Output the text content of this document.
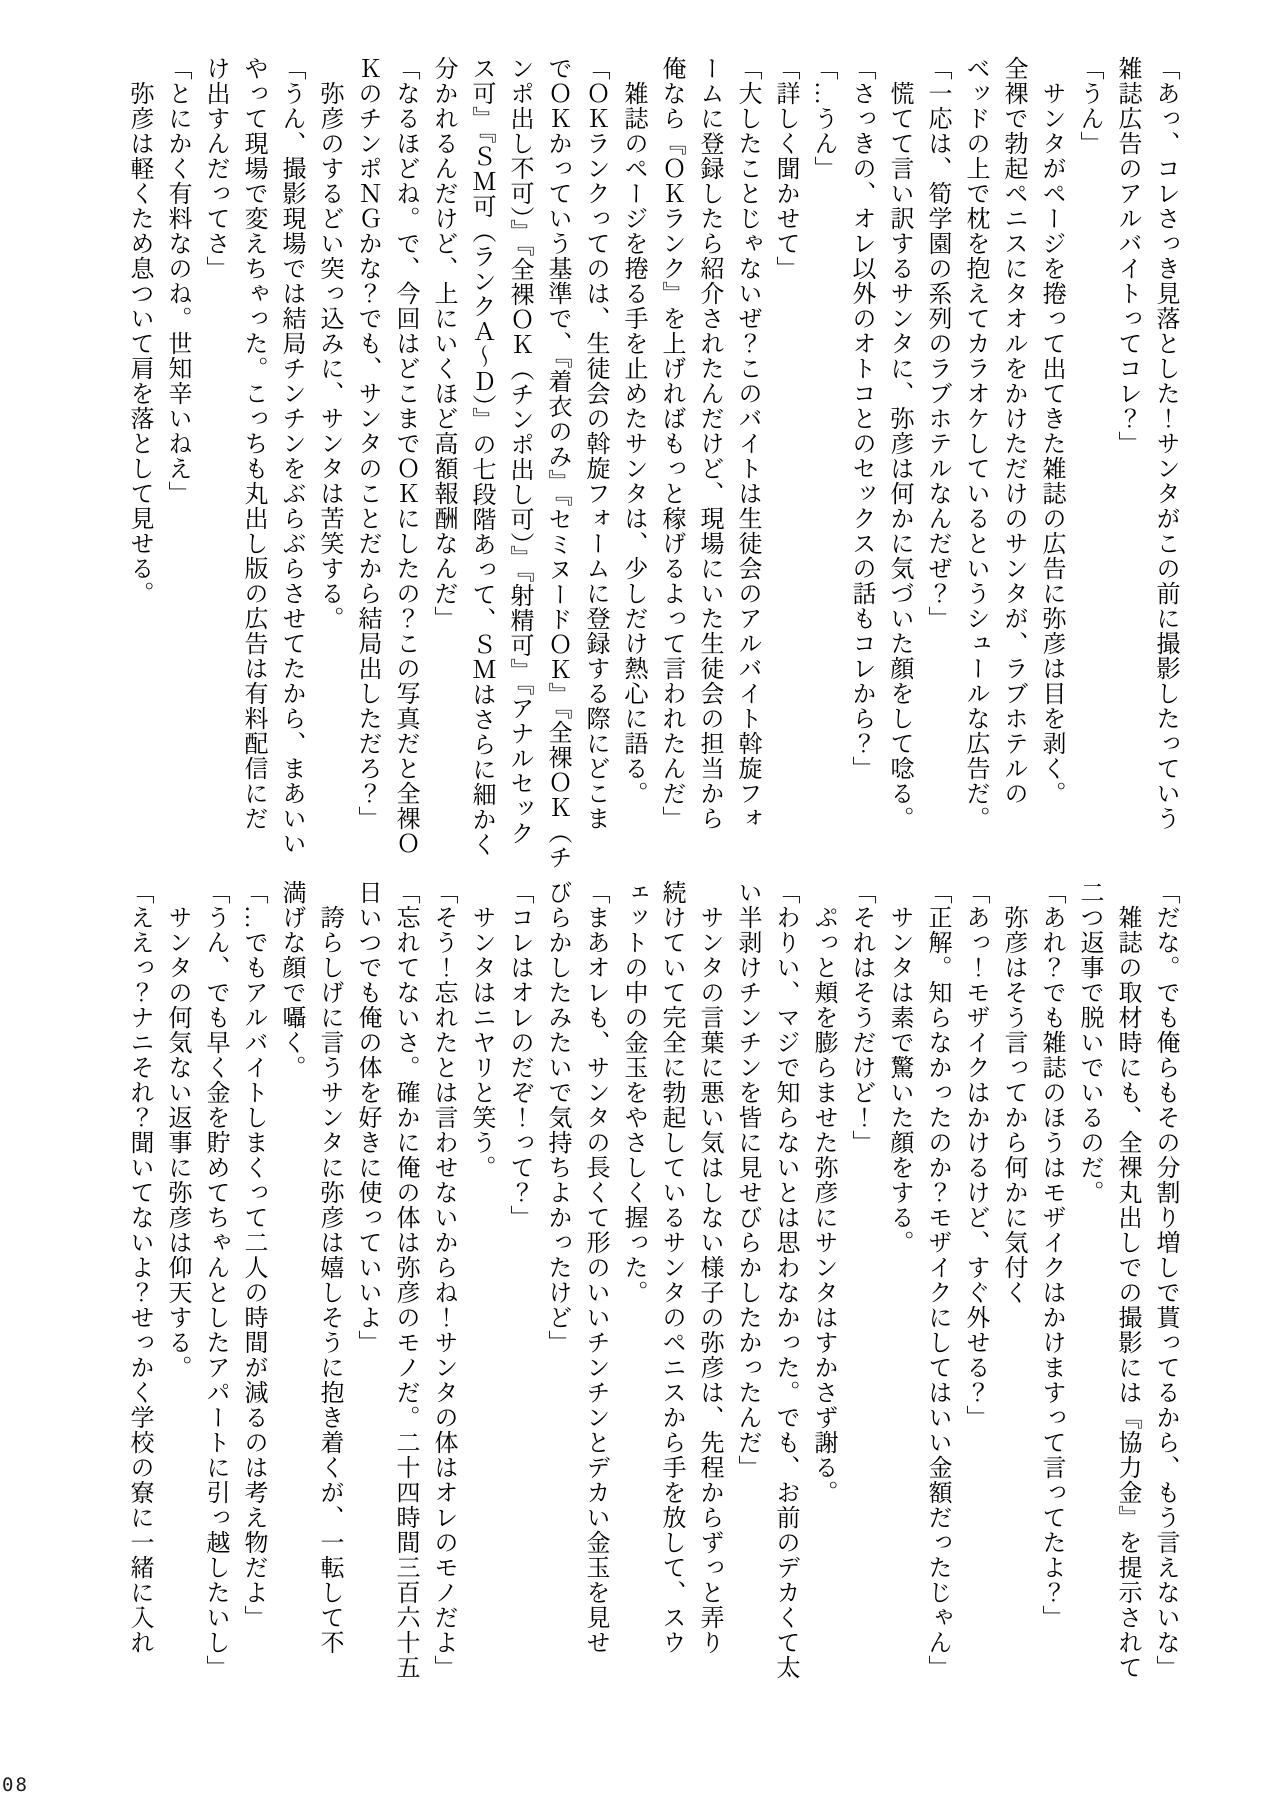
「あっ、コレさっき見落とした！サンタがこの前に撮影したっていう
雑誌広告のアルバイトってコレ？」
「うん」
　サンタがページを捲って出てきた雑誌の広告に弥彦は目を剥く。
全裸で勃起ペニスにタオルをかけただけのサンタが、ラブホテルの
ベッドの上で枕を抱えてカラオケしているというシュールな広告だ。
「一応は、筍学園の系列のラブホテルなんだぜ？」
　慌てて言い訳するサンタに、弥彦は何かに気づいた顔をして唸る。
「さっきの、オレ以外のオトコとのセックスの話もコレから？」
「…うん」
「詳しく聞かせて」
「大したことじゃないぜ？このバイトは生徒会のアルバイト斡旋フォ
ームに登録したら紹介されたんだけど、現場にいた生徒会の担当から
俺なら『ＯＫランク』を上げればもっと稼げるよって言われたんだ」
　雑誌のページを捲る手を止めたサンタは、少しだけ熱心に語る。
「ＯＫランクってのは、生徒会の斡旋フォームに登録する際にどこま
でＯＫかっていう基準で、『着衣のみ』『セミヌードＯＫ』『全裸ＯＫ（チ
ンポ出し不可）』『全裸ＯＫ（チンポ出し可）』『射精可』『アナルセック
ス可』『ＳＭ可（ランクＡ～Ｄ）』の七段階あって、ＳＭはさらに細かく
分かれるんだけど、上にいくほど高額報酬なんだ」
「なるほどね。で、今回はどこまでＯＫにしたの？この写真だと全裸Ｏ
ＫのチンポＮＧかな？でも、サンタのことだから結局出しただろ？」
　弥彦のするどい突っ込みに、サンタは苦笑する。
「うん、撮影現場では結局チンチンをぶらぶらさせてたから、まあいい
やって現場で変えちゃった。こっちも丸出し版の広告は有料配信にだ
け出すんだってさ」
「とにかく有料なのね。世知辛いねえ」
　弥彦は軽くため息ついて肩を落として見せる。
「だな。でも俺らもその分割り増しで貰ってるから、もう言えないな」
　雑誌の取材時にも、全裸丸出しでの撮影には『協力金』を提示されて
二つ返事で脱いでいるのだ。
「あれ？でも雑誌のほうはモザイクはかけますって言ってたよ？」
　弥彦はそう言ってから何かに気付く
「あっ！モザイクはかけるけど、すぐ外せる？」
「正解。知らなかったのか？モザイクにしてはいい金額だったじゃん」
　サンタは素で驚いた顔をする。
「それはそうだけど！」
　ぷっと頬を膨らませた弥彦にサンタはすかさず謝る。
「わりい、マジで知らないとは思わなかった。でも、お前のデカくて太
い半剥けチンチンを皆に見せびらかしたかったんだ」
　サンタの言葉に悪い気はしない様子の弥彦は、先程からずっと弄り
続けていて完全に勃起しているサンタのペニスから手を放して、スウ
ェットの中の金玉をやさしく握った。
「まあオレも、サンタの長くて形のいいチンチンとデカい金玉を見せ
びらかしたみたいで気持ちよかったけど」
「コレはオレのだぞ！って？」
　サンタはニヤリと笑う。
「そう！忘れたとは言わせないからね！サンタの体はオレのモノだよ」
「忘れてないさ。確かに俺の体は弥彦のモノだ。二十四時間三百六十五
日いつでも俺の体を好きに使っていいよ」
　誇らしげに言うサンタに弥彦は嬉しそうに抱き着くが、一転して不
満げな顔で囁く。
「…でもアルバイトしまくって二人の時間が減るのは考え物だよ」
「うん、でも早く金を貯めてちゃんとしたアパートに引っ越したいし」
　サンタの何気ない返事に弥彦は仰天する。
「ええっ？ナニそれ？聞いてないよ？せっかく学校の寮に一緒に入れ
08
